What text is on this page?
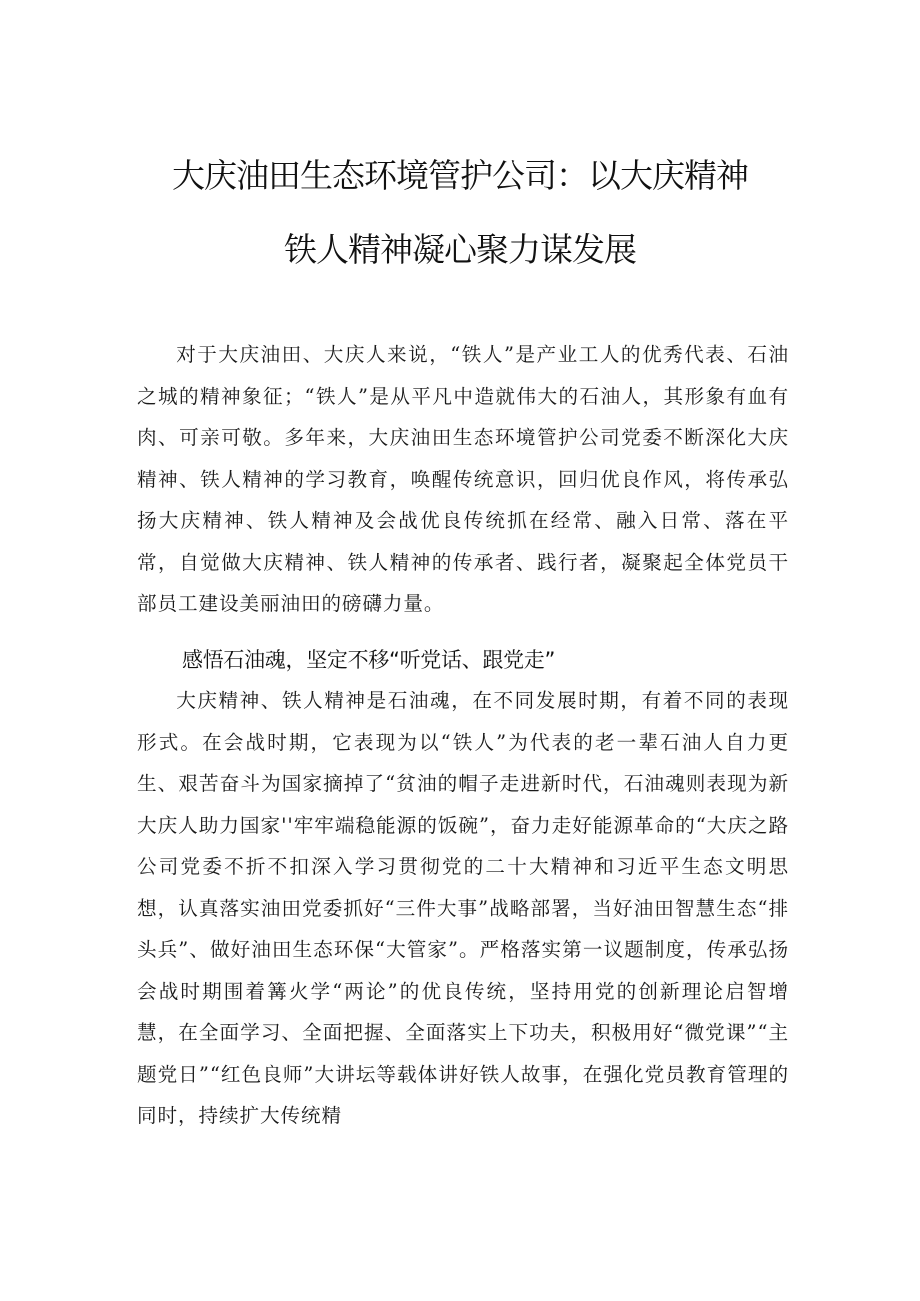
大庆油田生态环境管护公司：以大庆精神
铁人精神凝心聚力谋发展

对于大庆油田、大庆人来说，“铁人”是产业工人的优秀代表、石油之城的精神象征；“铁人”是从平凡中造就伟大的石油人，其形象有血有肉、可亲可敬。多年来，大庆油田生态环境管护公司党委不断深化大庆精神、铁人精神的学习教育，唤醒传统意识，回归优良作风，将传承弘扬大庆精神、铁人精神及会战优良传统抓在经常、融入日常、落在平常，自觉做大庆精神、铁人精神的传承者、践行者，凝聚起全体党员干部员工建设美丽油田的磅礴力量。

感悟石油魂，坚定不移“听党话、跟党走”

大庆精神、铁人精神是石油魂，在不同发展时期，有着不同的表现形式。在会战时期，它表现为以“铁人”为代表的老一辈石油人自力更生、艰苦奋斗为国家摘掉了“贫油的帽子走进新时代，石油魂则表现为新大庆人助力国家''牢牢端稳能源的饭碗”，奋力走好能源革命的“大庆之路公司党委不折不扣深入学习贯彻党的二十大精神和习近平生态文明思想，认真落实油田党委抓好“三件大事”战略部署，当好油田智慧生态“排头兵”、做好油田生态环保“大管家”。严格落实第一议题制度，传承弘扬会战时期围着篝火学“两论”的优良传统，坚持用党的创新理论启智增慧，在全面学习、全面把握、全面落实上下功夫，积极用好“微党课”“主题党日”“红色良师”大讲坛等载体讲好铁人故事，在强化党员教育管理的同时，持续扩大传统精
